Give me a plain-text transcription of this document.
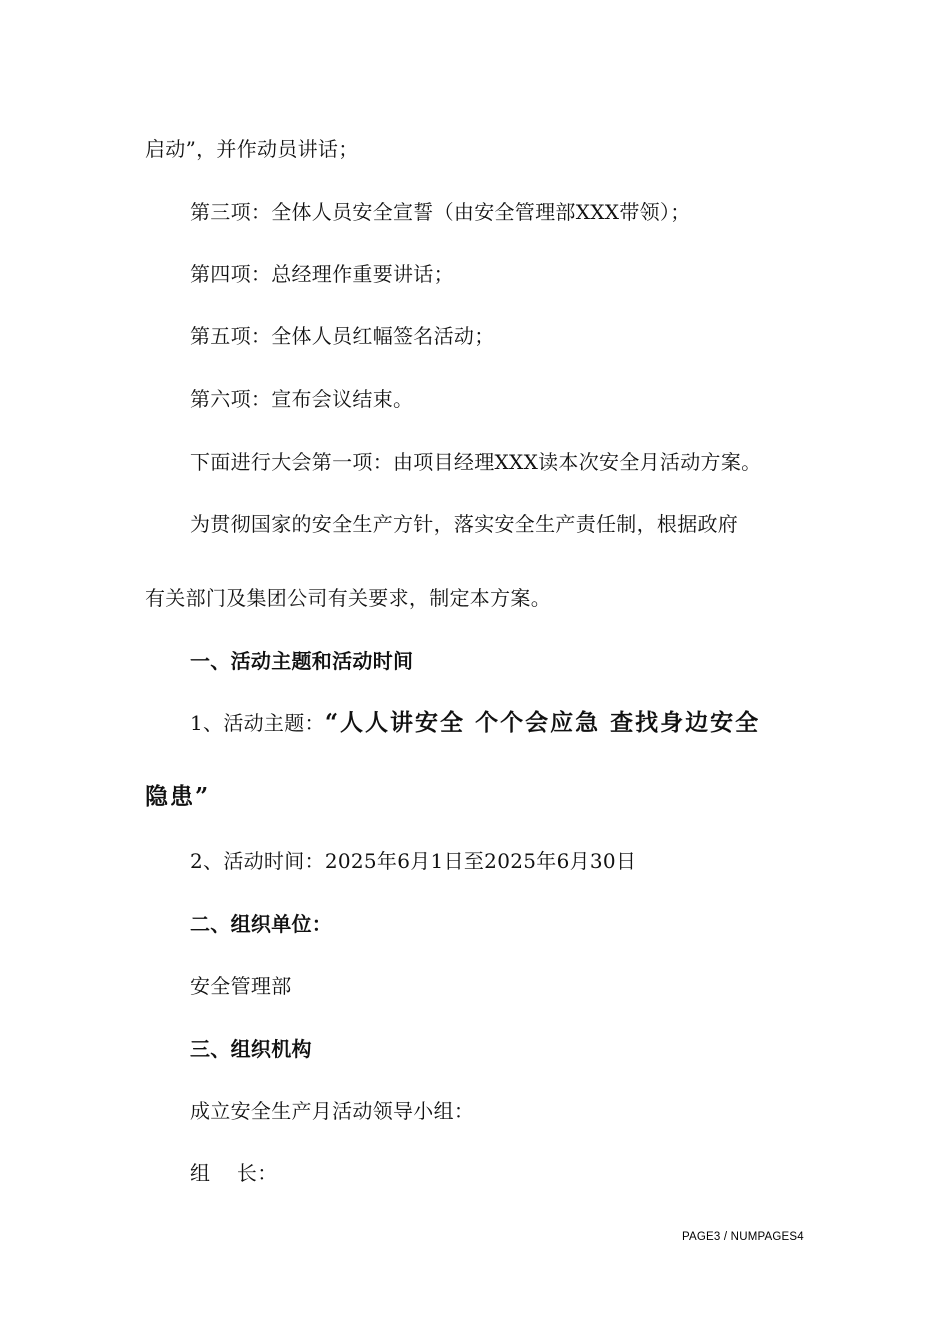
启动”，并作动员讲话；
第三项：全体人员安全宣誓（由安全管理部XXX带领）；
第四项：总经理作重要讲话；
第五项：全体人员红幅签名活动；
第六项：宣布会议结束。
下面进行大会第一项：由项目经理XXX读本次安全月活动方案。
为贯彻国家的安全生产方针，落实安全生产责任制，根据政府
有关部门及集团公司有关要求，制定本方案。
一、活动主题和活动时间
1、活动主题：“人人讲安全 个个会应急 查找身边安全
隐患”
2、活动时间：2025年6月1日至2025年6月30日
二、组织单位：
安全管理部
三、组织机构
成立安全生产月活动领导小组：
组    长：
PAGE3 / NUMPAGES4
